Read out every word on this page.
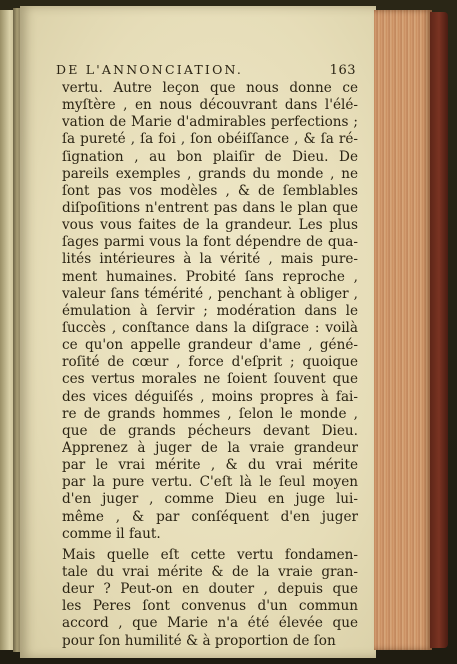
DE L'ANNONCIATION.	163
vertu. Autre leçon que nous donne ce
myſtère , en nous découvrant dans l'élé-
vation de Marie d'admirables perfections ;
ſa pureté , ſa foi , ſon obéiſſance , & ſa ré-
ſignation , au bon plaiſir de Dieu. De
pareils exemples , grands du monde , ne
ſont pas vos modèles , & de ſemblables
diſpoſitions n'entrent pas dans le plan que
vous vous faites de la grandeur. Les plus
ſages parmi vous la font dépendre de qua-
lités intérieures à la vérité , mais pure-
ment humaines. Probité ſans reproche ,
valeur ſans témérité , penchant à obliger ,
émulation à ſervir ; modération dans le
ſuccès , conſtance dans la diſgrace : voilà
ce qu'on appelle grandeur d'ame , géné-
roſité de cœur , force d'eſprit ; quoique
ces vertus morales ne ſoient ſouvent que
des vices déguiſés , moins propres à fai-
re de grands hommes , ſelon le monde ,
que de grands pécheurs devant Dieu.
Apprenez à juger de la vraie grandeur
par le vrai mérite , & du vrai mérite
par la pure vertu. C'eſt là le ſeul moyen
d'en juger , comme Dieu en juge lui-
même , & par conſéquent d'en juger
comme il faut.
Mais quelle eſt cette vertu fondamen-
tale du vrai mérite & de la vraie gran-
deur ? Peut-on en douter , depuis que
les Peres ſont convenus d'un commun
accord , que Marie n'a été élevée que
pour ſon humilité & à proportion de ſon
